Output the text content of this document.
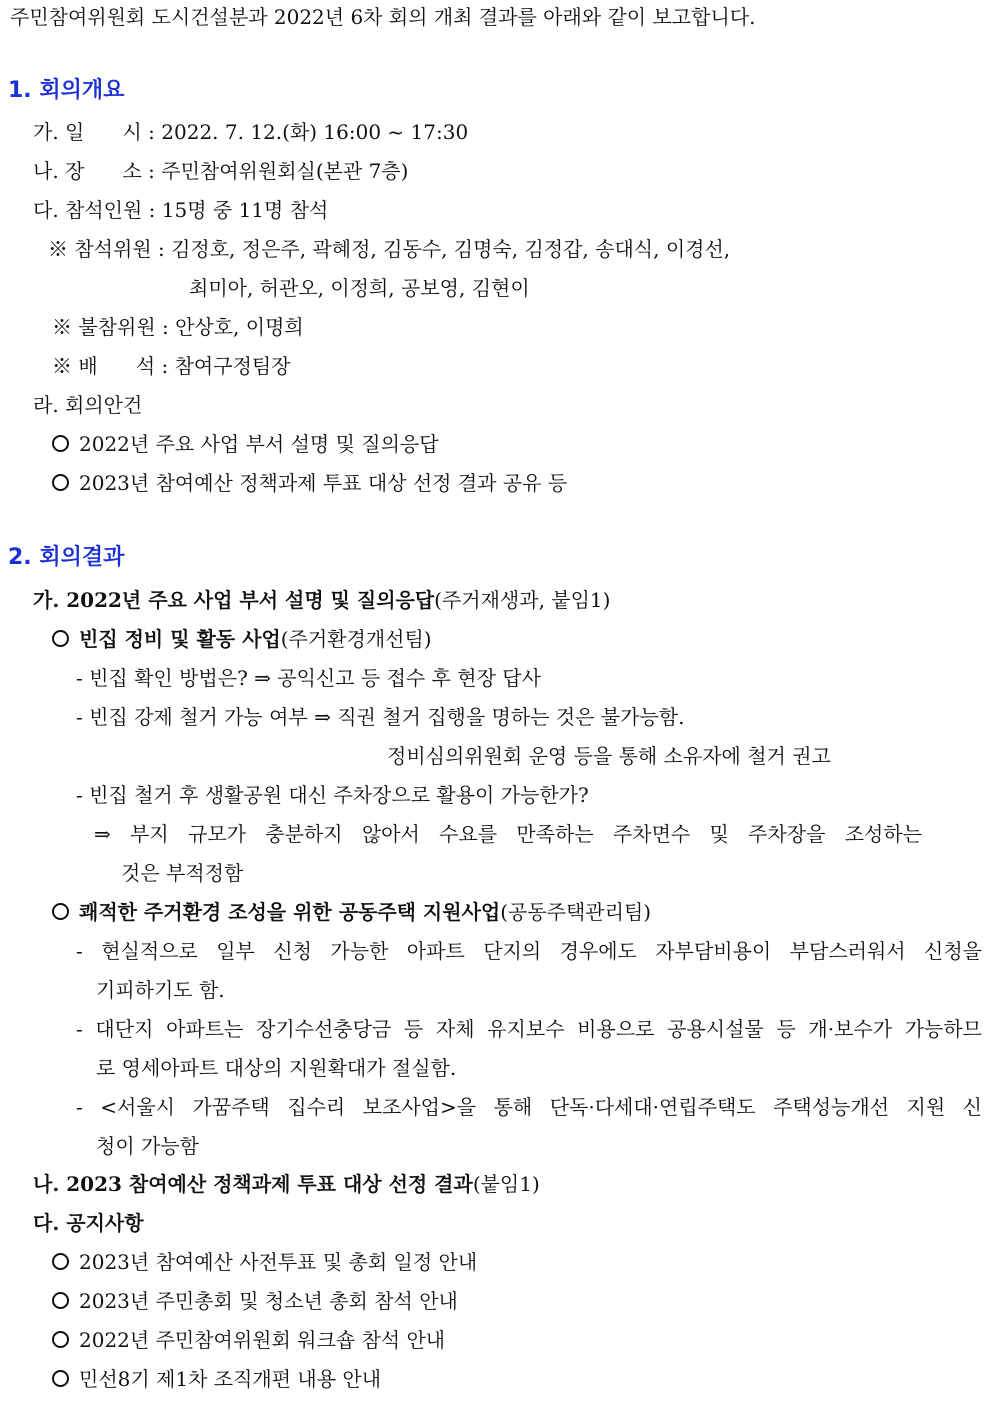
주민참여위원회 도시건설분과 2022년 6차 회의 개최 결과를 아래와 같이 보고합니다.
1. 회의개요
가. 일      시 : 2022. 7. 12.(화) 16:00 ~ 17:30
나. 장      소 : 주민참여위원회실(본관 7층)
다. 참석인원 : 15명 중 11명 참석
※ 참석위원 : 김정호, 정은주, 곽혜정, 김동수, 김명숙, 김정갑, 송대식, 이경선,
최미아, 허관오, 이정희, 공보영, 김현이
※ 불참위원 : 안상호, 이명희
※ 배      석 : 참여구정팀장
라. 회의안건
2022년 주요 사업 부서 설명 및 질의응답
2023년 참여예산 정책과제 투표 대상 선정 결과 공유 등
2. 회의결과
가. 2022년 주요 사업 부서 설명 및 질의응답(주거재생과, 붙임1)
빈집 정비 및 활동 사업(주거환경개선팀)
- 빈집 확인 방법은? ⇒ 공익신고 등 접수 후 현장 답사
- 빈집 강제 철거 가능 여부 ⇒ 직권 철거 집행을 명하는 것은 불가능함.
정비심의위원회 운영 등을 통해 소유자에 철거 권고
- 빈집 철거 후 생활공원 대신 주차장으로 활용이 가능한가?
⇒ 부지 규모가 충분하지 않아서 수요를 만족하는 주차면수 및 주차장을 조성하는
것은 부적정함
쾌적한 주거환경 조성을 위한 공동주택 지원사업(공동주택관리팀)
- 현실적으로 일부 신청 가능한 아파트 단지의 경우에도 자부담비용이 부담스러워서 신청을
기피하기도 함.
- 대단지 아파트는 장기수선충당금 등 자체 유지보수 비용으로 공용시설물 등 개·보수가 가능하므
로 영세아파트 대상의 지원확대가 절실함.
- <서울시 가꿈주택 집수리 보조사업>을 통해 단독·다세대·연립주택도 주택성능개선 지원 신
청이 가능함
나. 2023 참여예산 정책과제 투표 대상 선정 결과(붙임1)
다. 공지사항
2023년 참여예산 사전투표 및 총회 일정 안내
2023년 주민총회 및 청소년 총회 참석 안내
2022년 주민참여위원회 워크숍 참석 안내
민선8기 제1차 조직개편 내용 안내
